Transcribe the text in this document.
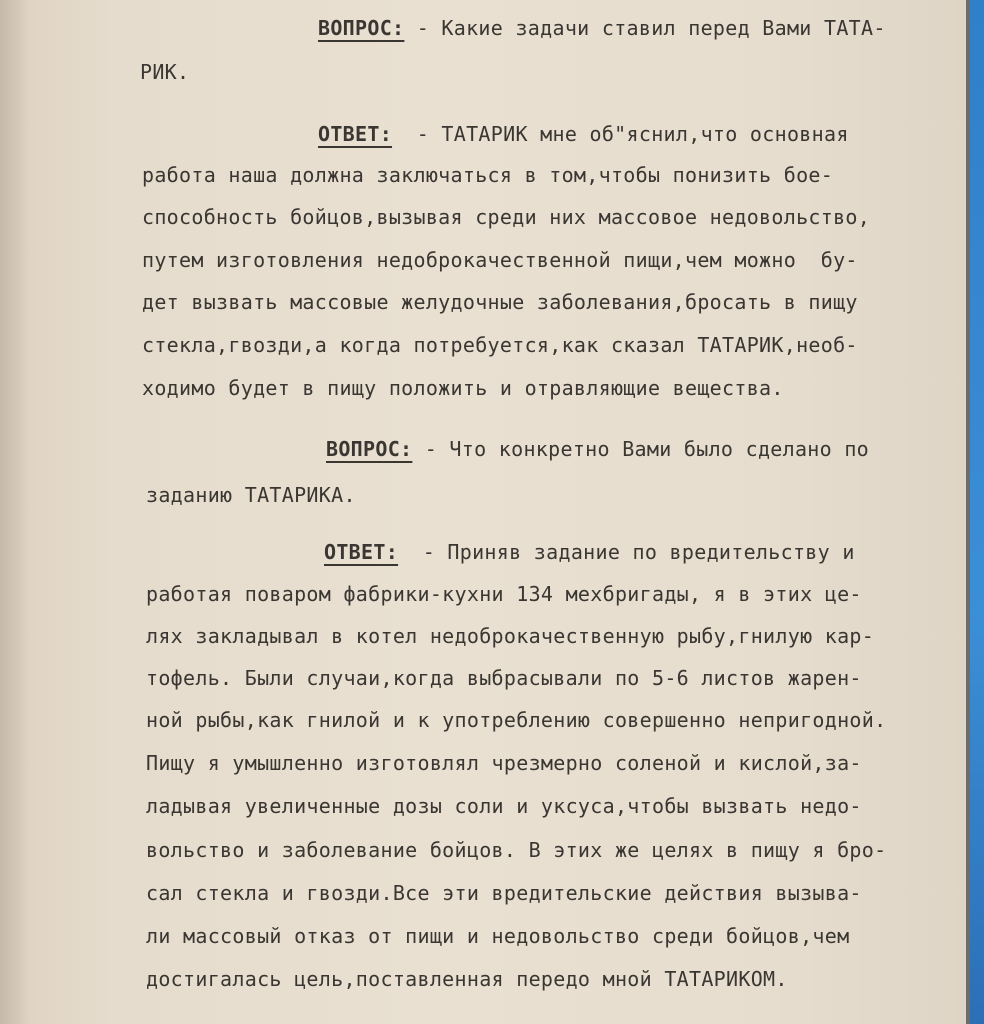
ВОПРОС: - Какие задачи ставил перед Вами ТАТА-
РИК.
ОТВЕТ:  - ТАТАРИК мне об"яснил,что основная
работа наша должна заключаться в том,чтобы понизить бое-
способность бойцов,вызывая среди них массовое недовольство,
путем изготовления недоброкачественной пищи,чем можно  бу-
дет вызвать массовые желудочные заболевания,бросать в пищу
стекла,гвозди,а когда потребуется,как сказал ТАТАРИК,необ-
ходимо будет в пищу положить и отравляющие вещества.
ВОПРОС: - Что конкретно Вами было сделано по
заданию ТАТАРИКА.
ОТВЕТ:  - Приняв задание по вредительству и
работая поваром фабрики-кухни 134 мехбригады, я в этих це-
лях закладывал в котел недоброкачественную рыбу,гнилую кар-
тофель. Были случаи,когда выбрасывали по 5-6 листов жарен-
ной рыбы,как гнилой и к употреблению совершенно непригодной.
Пищу я умышленно изготовлял чрезмерно соленой и кислой,за-
ладывая увеличенные дозы соли и уксуса,чтобы вызвать недо-
вольство и заболевание бойцов. В этих же целях в пищу я бро-
сал стекла и гвозди.Все эти вредительские действия вызыва-
ли массовый отказ от пищи и недовольство среди бойцов,чем
достигалась цель,поставленная передо мной ТАТАРИКОМ.
